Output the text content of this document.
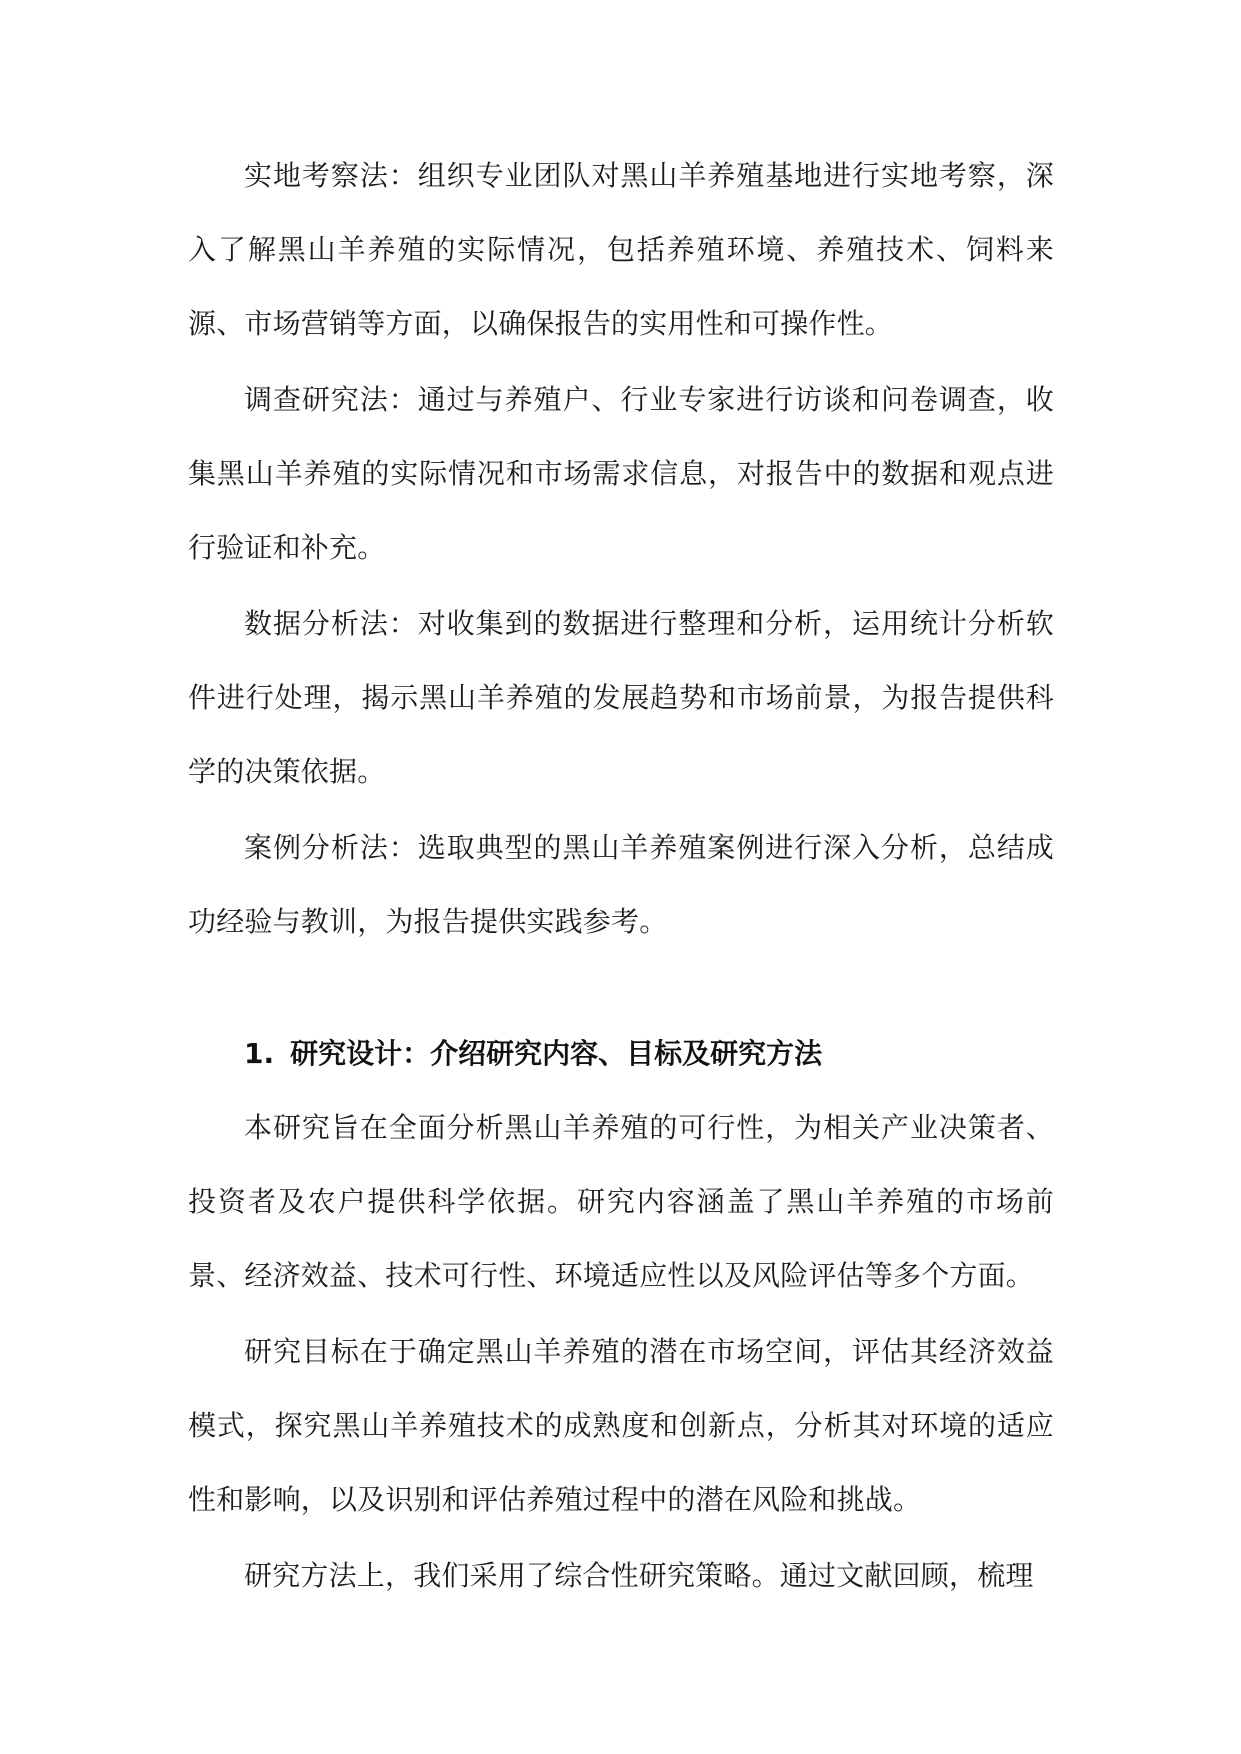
实地考察法：组织专业团队对黑山羊养殖基地进行实地考察，深入了解黑山羊养殖的实际情况，包括养殖环境、养殖技术、饲料来源、市场营销等方面，以确保报告的实用性和可操作性。

调查研究法：通过与养殖户、行业专家进行访谈和问卷调查，收集黑山羊养殖的实际情况和市场需求信息，对报告中的数据和观点进行验证和补充。

数据分析法：对收集到的数据进行整理和分析，运用统计分析软件进行处理，揭示黑山羊养殖的发展趋势和市场前景，为报告提供科学的决策依据。

案例分析法：选取典型的黑山羊养殖案例进行深入分析，总结成功经验与教训，为报告提供实践参考。

1. 研究设计：介绍研究内容、目标及研究方法

本研究旨在全面分析黑山羊养殖的可行性，为相关产业决策者、投资者及农户提供科学依据。研究内容涵盖了黑山羊养殖的市场前景、经济效益、技术可行性、环境适应性以及风险评估等多个方面。

研究目标在于确定黑山羊养殖的潜在市场空间，评估其经济效益模式，探究黑山羊养殖技术的成熟度和创新点，分析其对环境的适应性和影响，以及识别和评估养殖过程中的潜在风险和挑战。

研究方法上，我们采用了综合性研究策略。通过文献回顾，梳理
